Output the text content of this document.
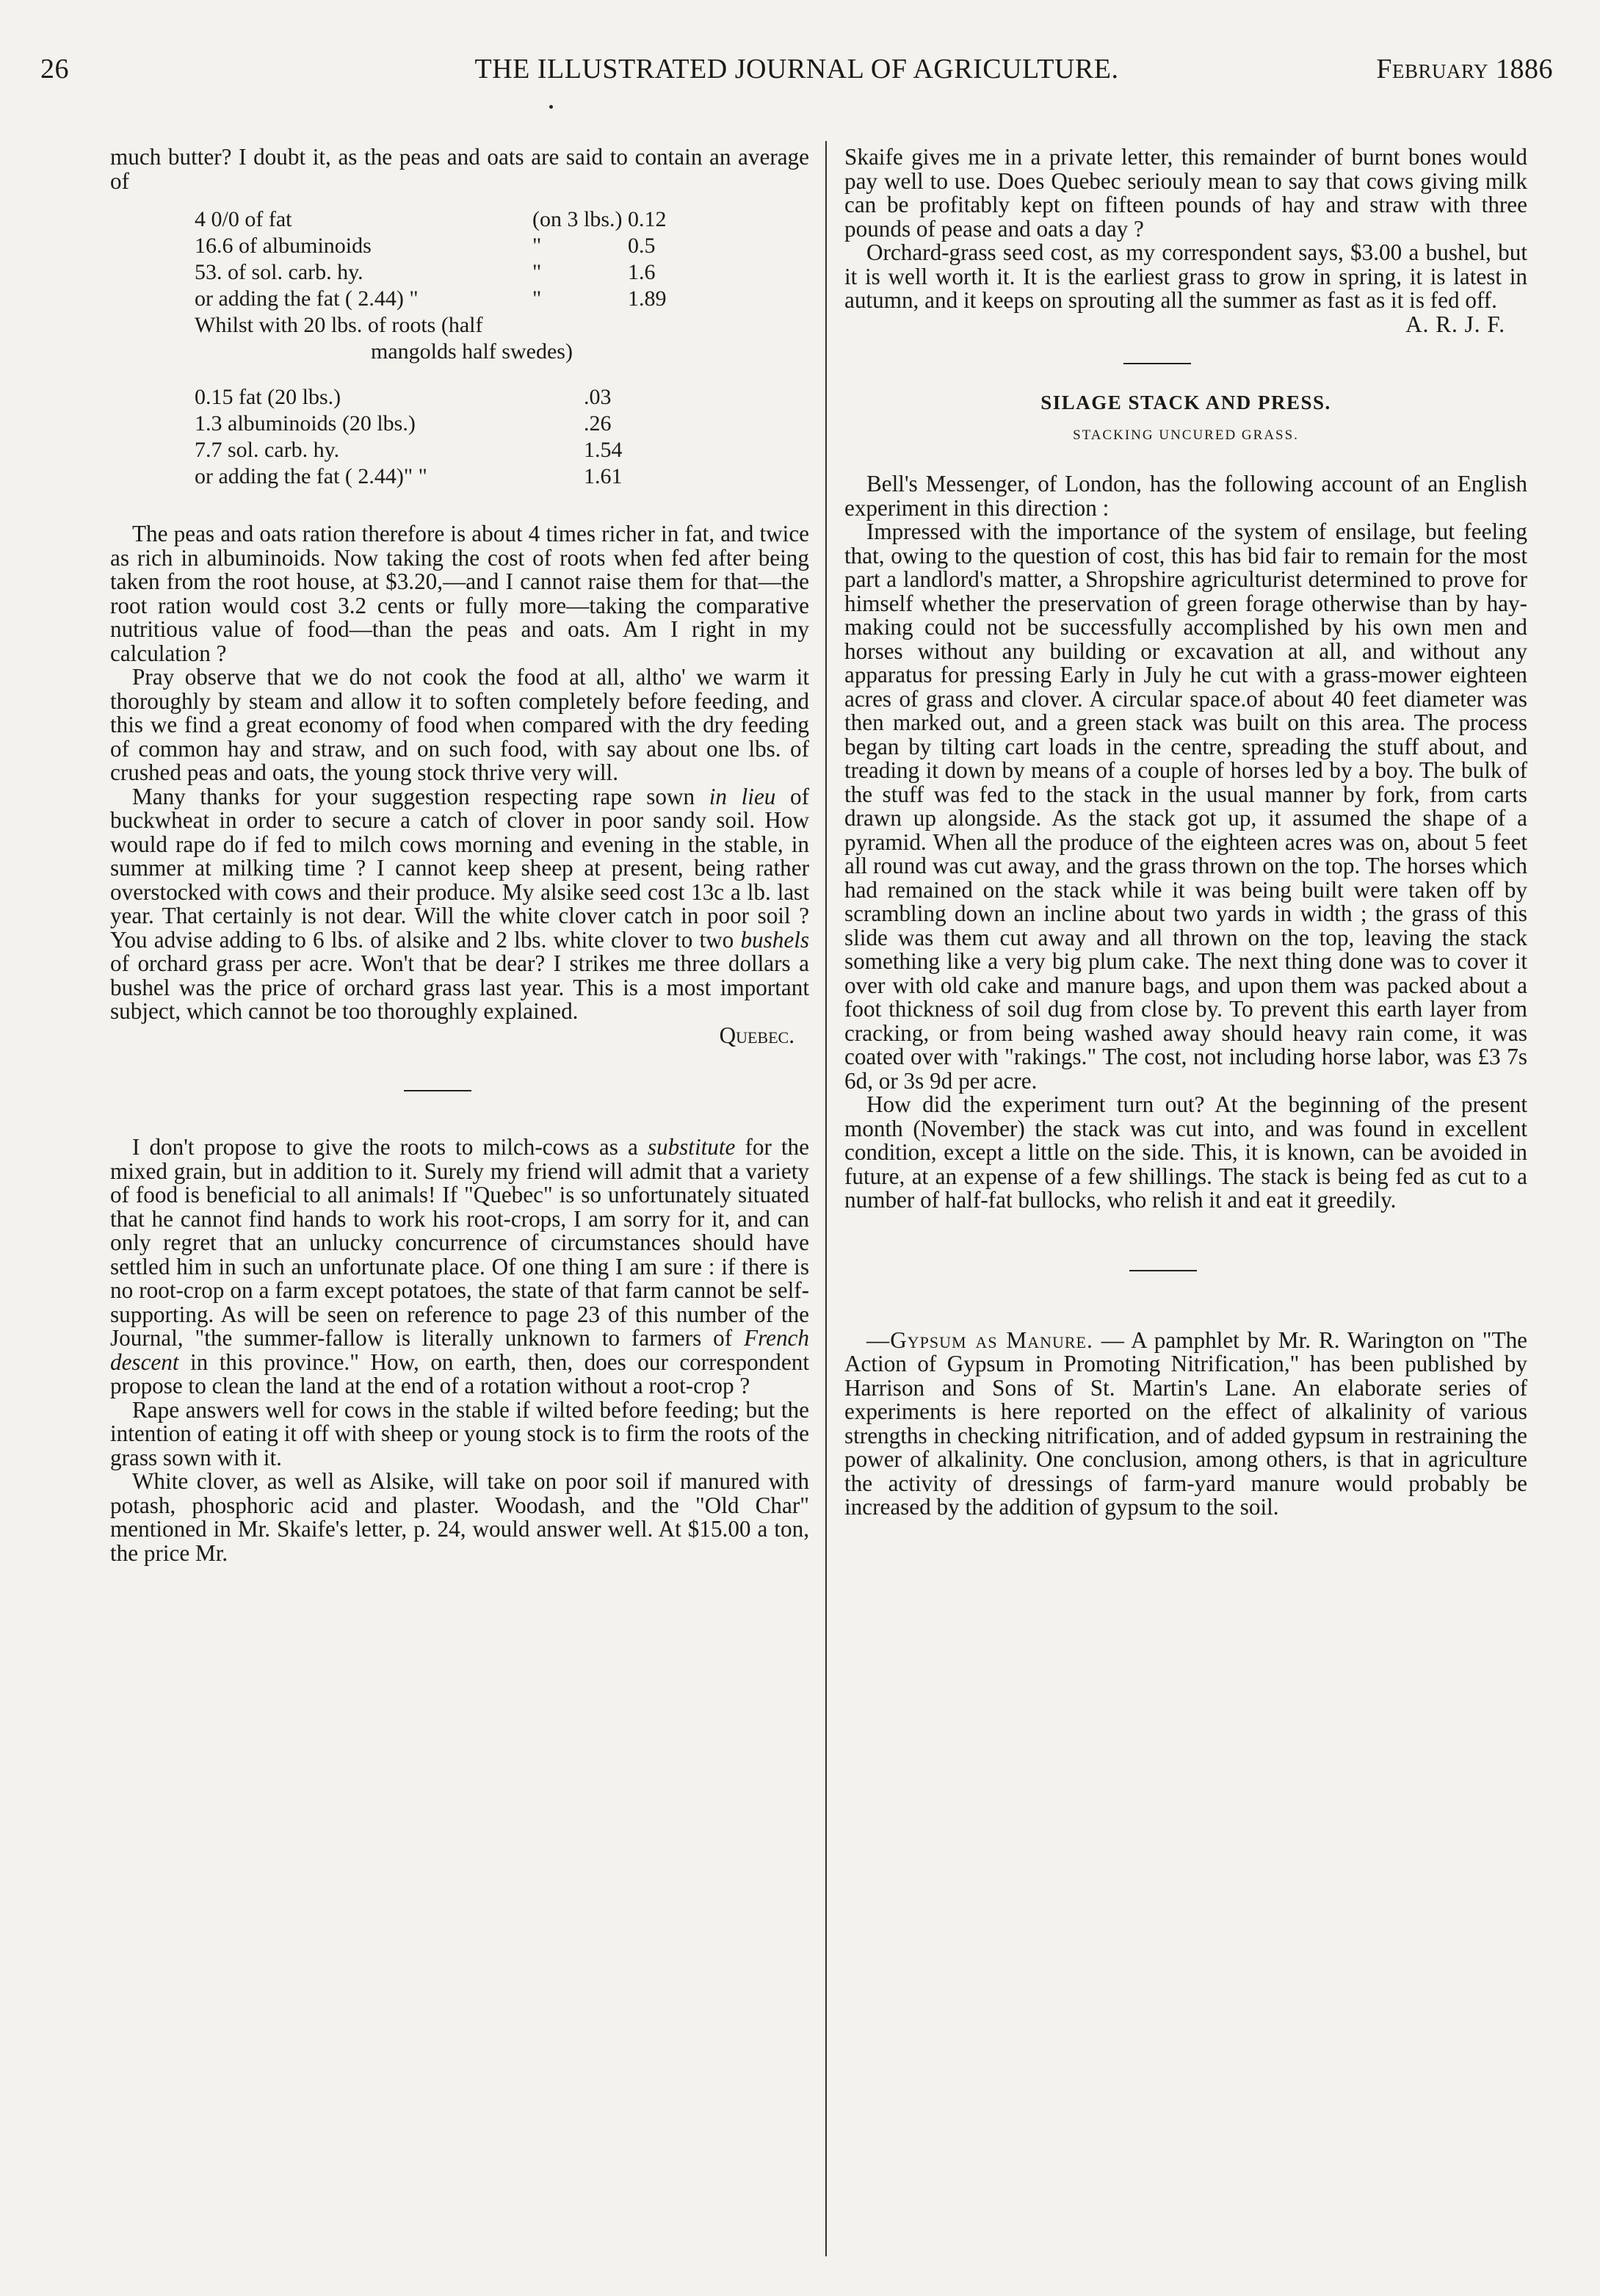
26	THE ILLUSTRATED JOURNAL OF AGRICULTURE.	February 1886

much butter? I doubt it, as the peas and oats are said to contain an average of

4 0/0 of fat	(on 3 lbs.) 0.12
16.6 of albuminoids	"	0.5
53. of sol. carb. hy.	"	1.6
or adding the fat ( 2.44) "	"	1.89
Whilst with 20 lbs. of roots (half
mangolds half swedes)
0.15 fat (20 lbs.)	.03
1.3 albuminoids (20 lbs.)	.26
7.7 sol. carb. hy.	1.54
or adding the fat ( 2.44)" "	1.61

The peas and oats ration therefore is about 4 times richer in fat, and twice as rich in albuminoids. Now taking the cost of roots when fed after being taken from the root house, at $3.20,—and I cannot raise them for that—the root ration would cost 3.2 cents or fully more—taking the comparative nutritious value of food—than the peas and oats. Am I right in my calculation ?

Pray observe that we do not cook the food at all, altho' we warm it thoroughly by steam and allow it to soften completely before feeding, and this we find a great economy of food when compared with the dry feeding of common hay and straw, and on such food, with say about one lbs. of crushed peas and oats, the young stock thrive very will.

Many thanks for your suggestion respecting rape sown in lieu of buckwheat in order to secure a catch of clover in poor sandy soil. How would rape do if fed to milch cows morning and evening in the stable, in summer at milking time ? I cannot keep sheep at present, being rather overstocked with cows and their produce. My alsike seed cost 13c a lb. last year. That certainly is not dear. Will the white clover catch in poor soil ? You advise adding to 6 lbs. of alsike and 2 lbs. white clover to two bushels of orchard grass per acre. Won't that be dear? I strikes me three dollars a bushel was the price of orchard grass last year. This is a most important subject, which cannot be too thoroughly explained.

Quebec.

I don't propose to give the roots to milch-cows as a substitute for the mixed grain, but in addition to it. Surely my friend will admit that a variety of food is beneficial to all animals! If "Quebec" is so unfortunately situated that he cannot find hands to work his root-crops, I am sorry for it, and can only regret that an unlucky concurrence of circumstances should have settled him in such an unfortunate place. Of one thing I am sure : if there is no root-crop on a farm except potatoes, the state of that farm cannot be self-supporting. As will be seen on reference to page 23 of this number of the Journal, "the summer-fallow is literally unknown to farmers of French descent in this province." How, on earth, then, does our correspondent propose to clean the land at the end of a rotation without a root-crop ?

Rape answers well for cows in the stable if wilted before feeding; but the intention of eating it off with sheep or young stock is to firm the roots of the grass sown with it.

White clover, as well as Alsike, will take on poor soil if manured with potash, phosphoric acid and plaster. Woodash, and the "Old Char" mentioned in Mr. Skaife's letter, p. 24, would answer well. At $15.00 a ton, the price Mr.

Skaife gives me in a private letter, this remainder of burnt bones would pay well to use. Does Quebec seriouly mean to say that cows giving milk can be profitably kept on fifteen pounds of hay and straw with three pounds of pease and oats a day ?

Orchard-grass seed cost, as my correspondent says, $3.00 a bushel, but it is well worth it. It is the earliest grass to grow in spring, it is latest in autumn, and it keeps on sprouting all the summer as fast as it is fed off.

A. R. J. F.

SILAGE STACK AND PRESS.
STACKING UNCURED GRASS.

Bell's Messenger, of London, has the following account of an English experiment in this direction :

Impressed with the importance of the system of ensilage, but feeling that, owing to the question of cost, this has bid fair to remain for the most part a landlord's matter, a Shropshire agriculturist determined to prove for himself whether the preservation of green forage otherwise than by hay-making could not be successfully accomplished by his own men and horses without any building or excavation at all, and without any apparatus for pressing Early in July he cut with a grass-mower eighteen acres of grass and clover. A circular space.of about 40 feet diameter was then marked out, and a green stack was built on this area. The process began by tilting cart loads in the centre, spreading the stuff about, and treading it down by means of a couple of horses led by a boy. The bulk of the stuff was fed to the stack in the usual manner by fork, from carts drawn up alongside. As the stack got up, it assumed the shape of a pyramid. When all the produce of the eighteen acres was on, about 5 feet all round was cut away, and the grass thrown on the top. The horses which had remained on the stack while it was being built were taken off by scrambling down an incline about two yards in width ; the grass of this slide was them cut away and all thrown on the top, leaving the stack something like a very big plum cake. The next thing done was to cover it over with old cake and manure bags, and upon them was packed about a foot thickness of soil dug from close by. To prevent this earth layer from cracking, or from being washed away should heavy rain come, it was coated over with "rakings." The cost, not including horse labor, was £3 7s 6d, or 3s 9d per acre.

How did the experiment turn out? At the beginning of the present month (November) the stack was cut into, and was found in excellent condition, except a little on the side. This, it is known, can be avoided in future, at an expense of a few shillings. The stack is being fed as cut to a number of half-fat bullocks, who relish it and eat it greedily.

—Gypsum as Manure. — A pamphlet by Mr. R. Warington on "The Action of Gypsum in Promoting Nitrification," has been published by Harrison and Sons of St. Martin's Lane. An elaborate series of experiments is here reported on the effect of alkalinity of various strengths in checking nitrification, and of added gypsum in restraining the power of alkalinity. One conclusion, among others, is that in agriculture the activity of dressings of farm-yard manure would probably be increased by the addition of gypsum to the soil.
